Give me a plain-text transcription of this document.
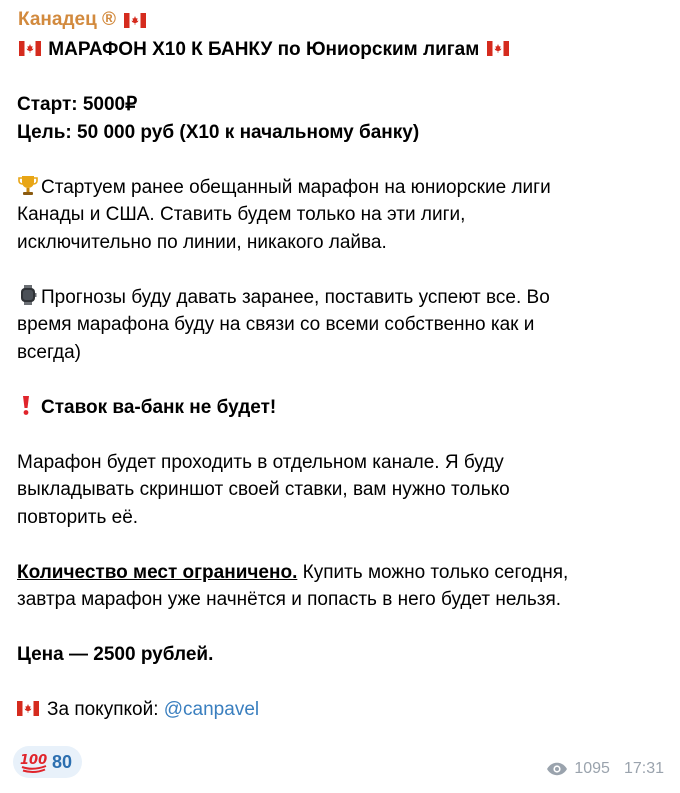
Канадец ®
МАРАФОН Х10 К БАНКУ по Юниорским лигам
Старт: 5000₽
Цель: 50 000 руб (Х10 к начальному банку)
Стартуем ранее обещанный марафон на юниорские лиги
Канады и США. Ставить будем только на эти лиги,
исключительно по линии, никакого лайва.
Прогнозы буду давать заранее, поставить успеют все. Во
время марафона буду на связи со всеми собственно как и
всегда)
Ставок ва-банк не будет!
Марафон будет проходить в отдельном канале. Я буду
выкладывать скриншот своей ставки, вам нужно только
повторить её.
Количество мест ограничено. Купить можно только сегодня,
завтра марафон уже начнётся и попасть в него будет нельзя.
Цена — 2500 рублей.
За покупкой: @canpavel
100 80	1095 17:31
